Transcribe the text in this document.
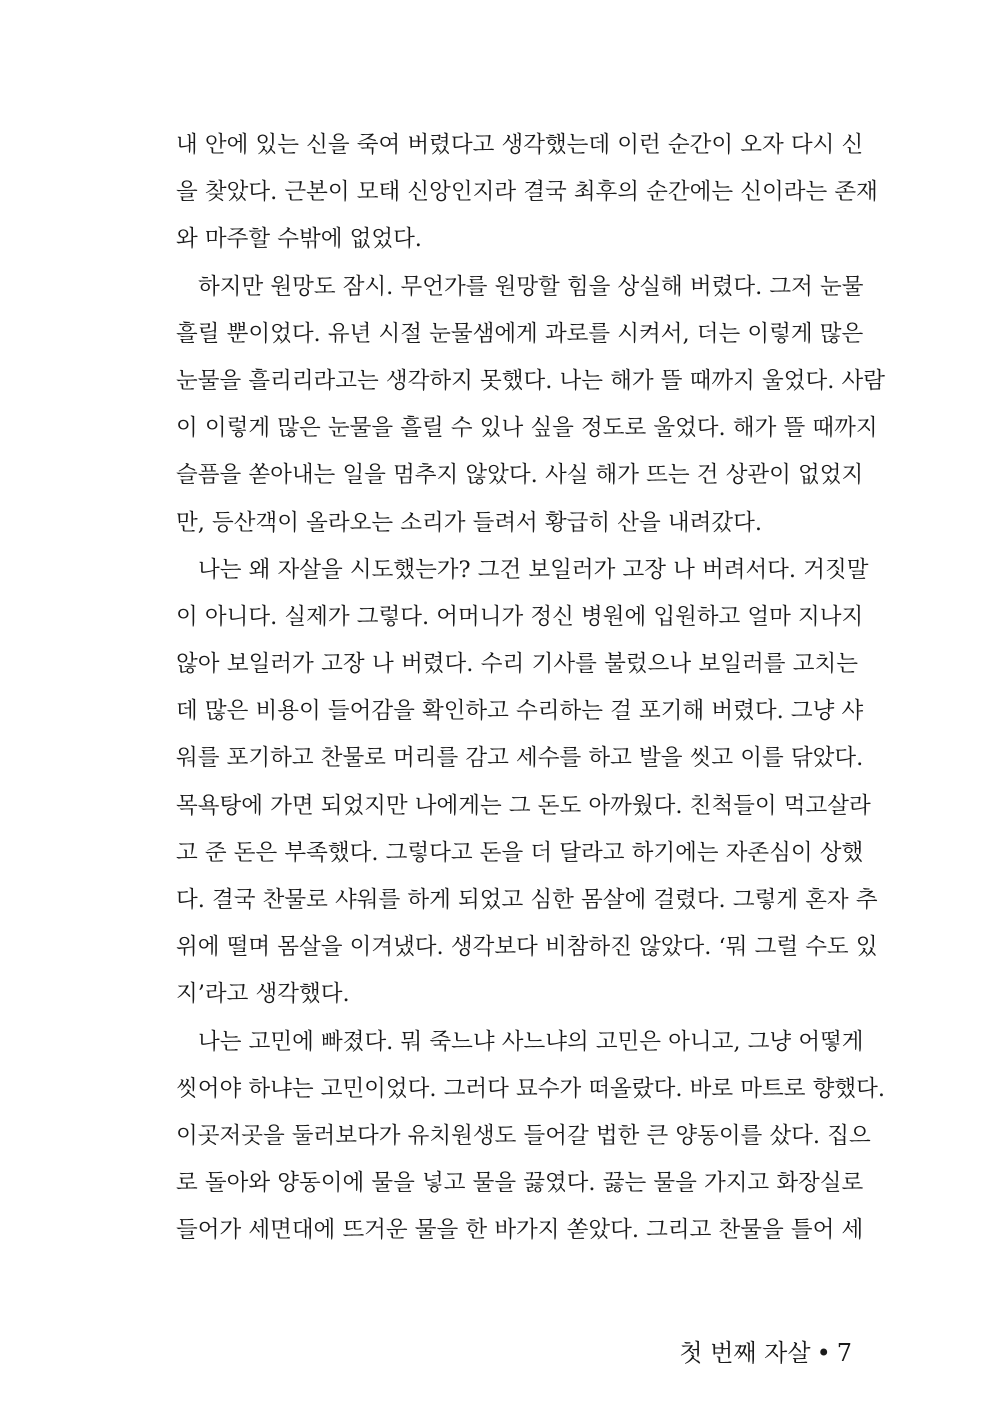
내 안에 있는 신을 죽여 버렸다고 생각했는데 이런 순간이 오자 다시 신
을 찾았다. 근본이 모태 신앙인지라 결국 최후의 순간에는 신이라는 존재
와 마주할 수밖에 없었다.
하지만 원망도 잠시. 무언가를 원망할 힘을 상실해 버렸다. 그저 눈물
흘릴 뿐이었다. 유년 시절 눈물샘에게 과로를 시켜서, 더는 이렇게 많은
눈물을 흘리리라고는 생각하지 못했다. 나는 해가 뜰 때까지 울었다. 사람
이 이렇게 많은 눈물을 흘릴 수 있나 싶을 정도로 울었다. 해가 뜰 때까지
슬픔을 쏟아내는 일을 멈추지 않았다. 사실 해가 뜨는 건 상관이 없었지
만, 등산객이 올라오는 소리가 들려서 황급히 산을 내려갔다.
나는 왜 자살을 시도했는가? 그건 보일러가 고장 나 버려서다. 거짓말
이 아니다. 실제가 그렇다. 어머니가 정신 병원에 입원하고 얼마 지나지
않아 보일러가 고장 나 버렸다. 수리 기사를 불렀으나 보일러를 고치는
데 많은 비용이 들어감을 확인하고 수리하는 걸 포기해 버렸다. 그냥 샤
워를 포기하고 찬물로 머리를 감고 세수를 하고 발을 씻고 이를 닦았다.
목욕탕에 가면 되었지만 나에게는 그 돈도 아까웠다. 친척들이 먹고살라
고 준 돈은 부족했다. 그렇다고 돈을 더 달라고 하기에는 자존심이 상했
다. 결국 찬물로 샤워를 하게 되었고 심한 몸살에 걸렸다. 그렇게 혼자 추
위에 떨며 몸살을 이겨냈다. 생각보다 비참하진 않았다. ‘뭐 그럴 수도 있
지’라고 생각했다.
나는 고민에 빠졌다. 뭐 죽느냐 사느냐의 고민은 아니고, 그냥 어떻게
씻어야 하냐는 고민이었다. 그러다 묘수가 떠올랐다. 바로 마트로 향했다.
이곳저곳을 둘러보다가 유치원생도 들어갈 법한 큰 양동이를 샀다. 집으
로 돌아와 양동이에 물을 넣고 물을 끓였다. 끓는 물을 가지고 화장실로
들어가 세면대에 뜨거운 물을 한 바가지 쏟았다. 그리고 찬물을 틀어 세
첫 번째 자살 • 7
